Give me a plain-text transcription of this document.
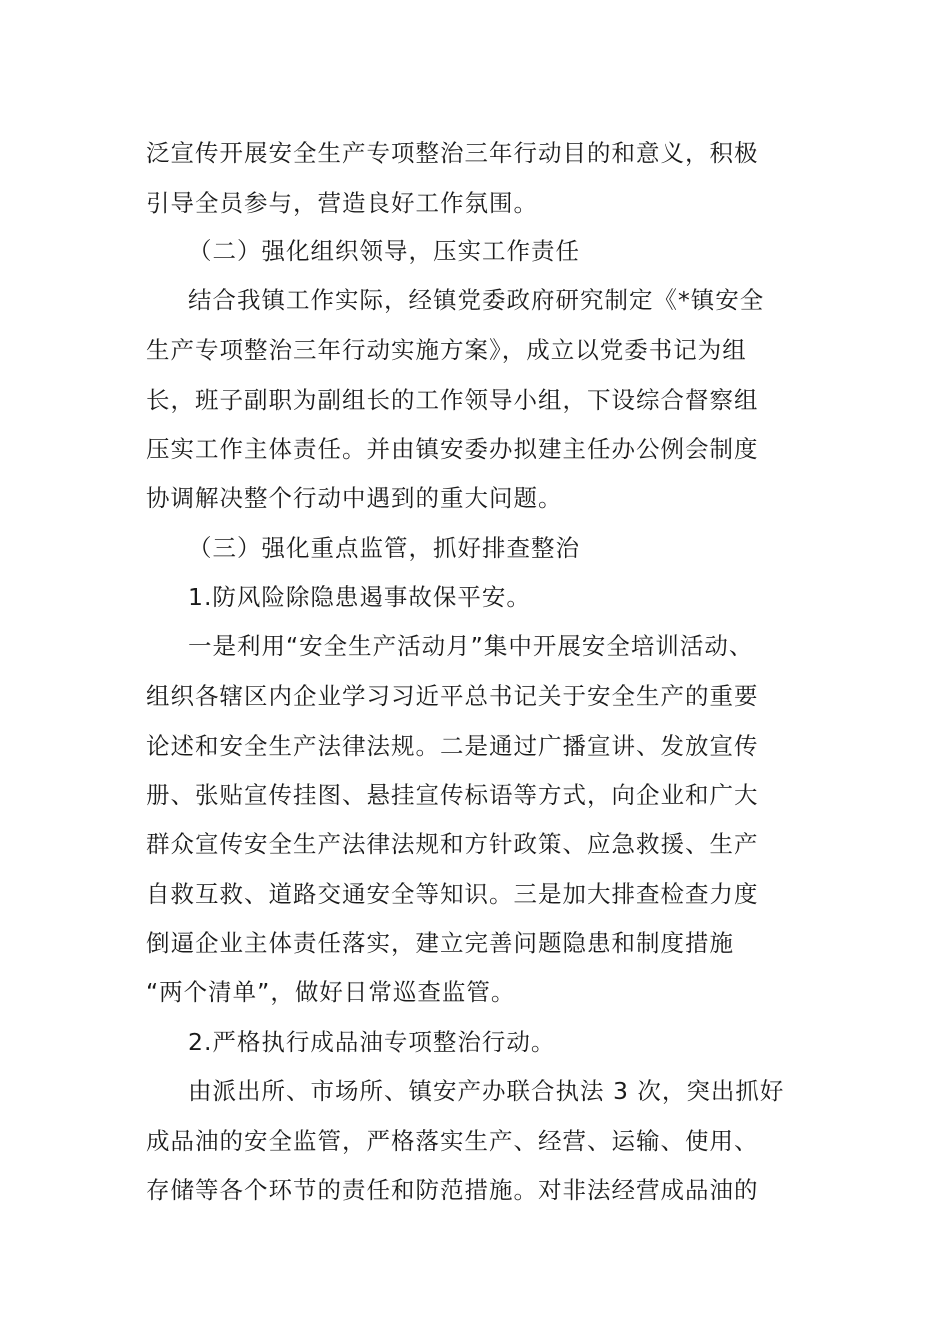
泛宣传开展安全生产专项整治三年行动目的和意义，积极
引导全员参与，营造良好工作氛围。
（二）强化组织领导，压实工作责任
结合我镇工作实际，经镇党委政府研究制定《*镇安全
生产专项整治三年行动实施方案》，成立以党委书记为组
长，班子副职为副组长的工作领导小组，下设综合督察组
压实工作主体责任。并由镇安委办拟建主任办公例会制度
协调解决整个行动中遇到的重大问题。
（三）强化重点监管，抓好排查整治
1.防风险除隐患遏事故保平安。
一是利用“安全生产活动月”集中开展安全培训活动、
组织各辖区内企业学习习近平总书记关于安全生产的重要
论述和安全生产法律法规。二是通过广播宣讲、发放宣传
册、张贴宣传挂图、悬挂宣传标语等方式，向企业和广大
群众宣传安全生产法律法规和方针政策、应急救援、生产
自救互救、道路交通安全等知识。三是加大排查检查力度
倒逼企业主体责任落实，建立完善问题隐患和制度措施
“两个清单”，做好日常巡查监管。
2.严格执行成品油专项整治行动。
由派出所、市场所、镇安产办联合执法 3 次，突出抓好
成品油的安全监管，严格落实生产、经营、运输、使用、
存储等各个环节的责任和防范措施。对非法经营成品油的
